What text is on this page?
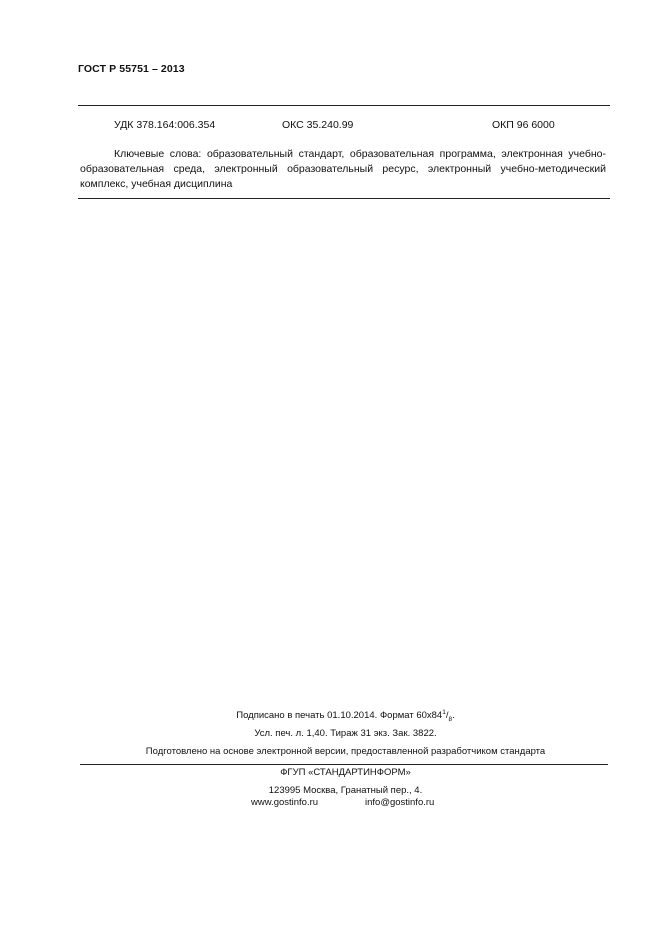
ГОСТ Р 55751 – 2013
УДК 378.164:006.354	ОКС 35.240.99	ОКП 96 6000
Ключевые слова: образовательный стандарт, образовательная программа, электронная учебно-образовательная среда, электронный образовательный ресурс, электронный учебно-методический комплекс, учебная дисциплина
Подписано в печать 01.10.2014. Формат $60x84^1/_8$.
Усл. печ. л. 1,40. Тираж 31 экз. Зак. 3822.
Подготовлено на основе электронной версии, предоставленной разработчиком стандарта
ФГУП «СТАНДАРТИНФОРМ»
123995 Москва, Гранатный пер., 4.
www.gostinfo.ru	info@gostinfo.ru
